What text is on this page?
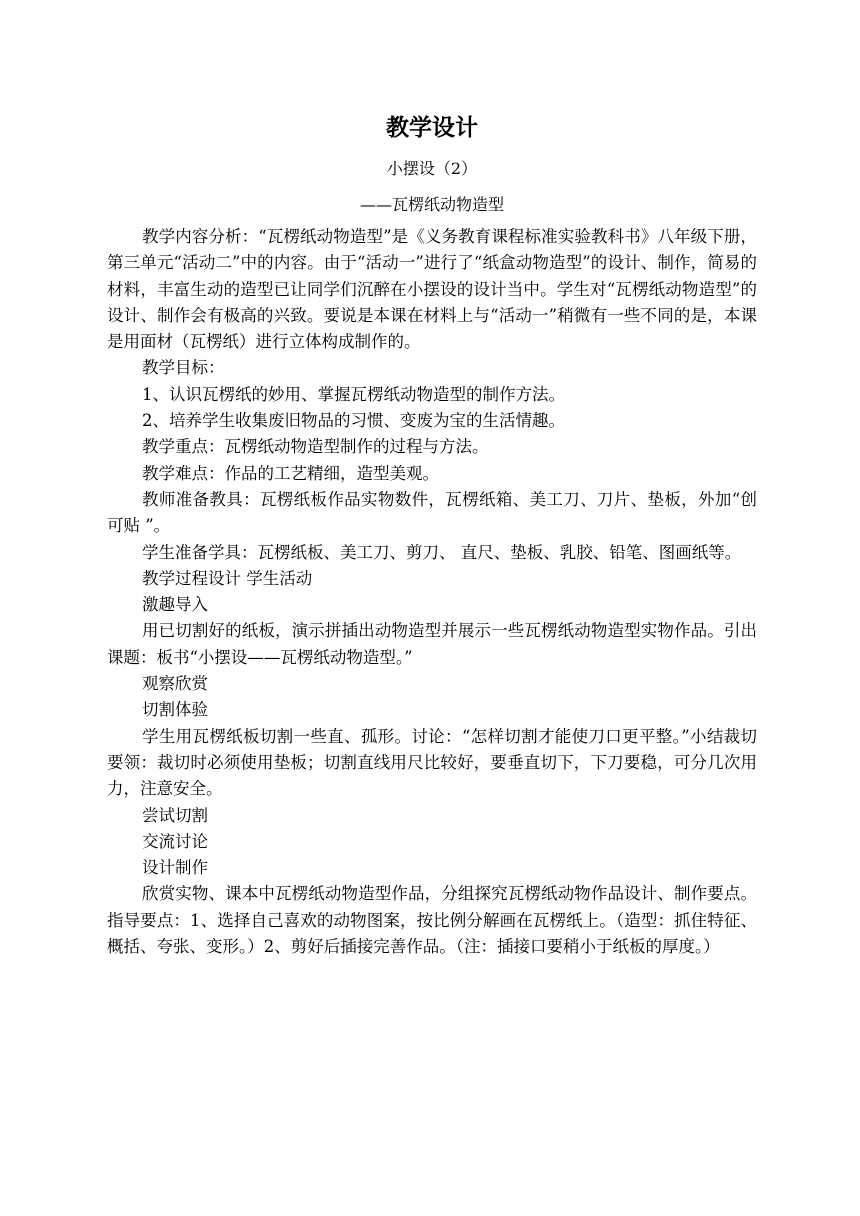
教学设计
小摆设（2）
——瓦楞纸动物造型

教学内容分析：“瓦楞纸动物造型”是《义务教育课程标准实验教科书》八年级下册，第三单元“活动二”中的内容。由于“活动一”进行了“纸盒动物造型”的设计、制作，简易的材料，丰富生动的造型已让同学们沉醉在小摆设的设计当中。学生对“瓦楞纸动物造型”的设计、制作会有极高的兴致。要说是本课在材料上与“活动一”稍微有一些不同的是，本课是用面材（瓦楞纸）进行立体构成制作的。

教学目标：

1、认识瓦楞纸的妙用、掌握瓦楞纸动物造型的制作方法。

2、培养学生收集废旧物品的习惯、变废为宝的生活情趣。

教学重点：瓦楞纸动物造型制作的过程与方法。

教学难点：作品的工艺精细，造型美观。

教师准备教具：瓦楞纸板作品实物数件，瓦楞纸箱、美工刀、刀片、垫板，外加“创可贴 ”。

学生准备学具：瓦楞纸板、美工刀、剪刀、 直尺、垫板、乳胶、铅笔、图画纸等。

教学过程设计 学生活动

激趣导入

用已切割好的纸板，演示拼插出动物造型并展示一些瓦楞纸动物造型实物作品。引出课题：板书“小摆设——瓦楞纸动物造型。”

观察欣赏

切割体验

学生用瓦楞纸板切割一些直、孤形。讨论：“怎样切割才能使刀口更平整。”小结裁切要领：裁切时必须使用垫板；切割直线用尺比较好，要垂直切下，下刀要稳，可分几次用力，注意安全。

尝试切割

交流讨论

设计制作

欣赏实物、课本中瓦楞纸动物造型作品，分组探究瓦楞纸动物作品设计、制作要点。指导要点：1、选择自己喜欢的动物图案，按比例分解画在瓦楞纸上。（造型：抓住特征、概括、夸张、变形。）2、剪好后插接完善作品。（注：插接口要稍小于纸板的厚度。）
